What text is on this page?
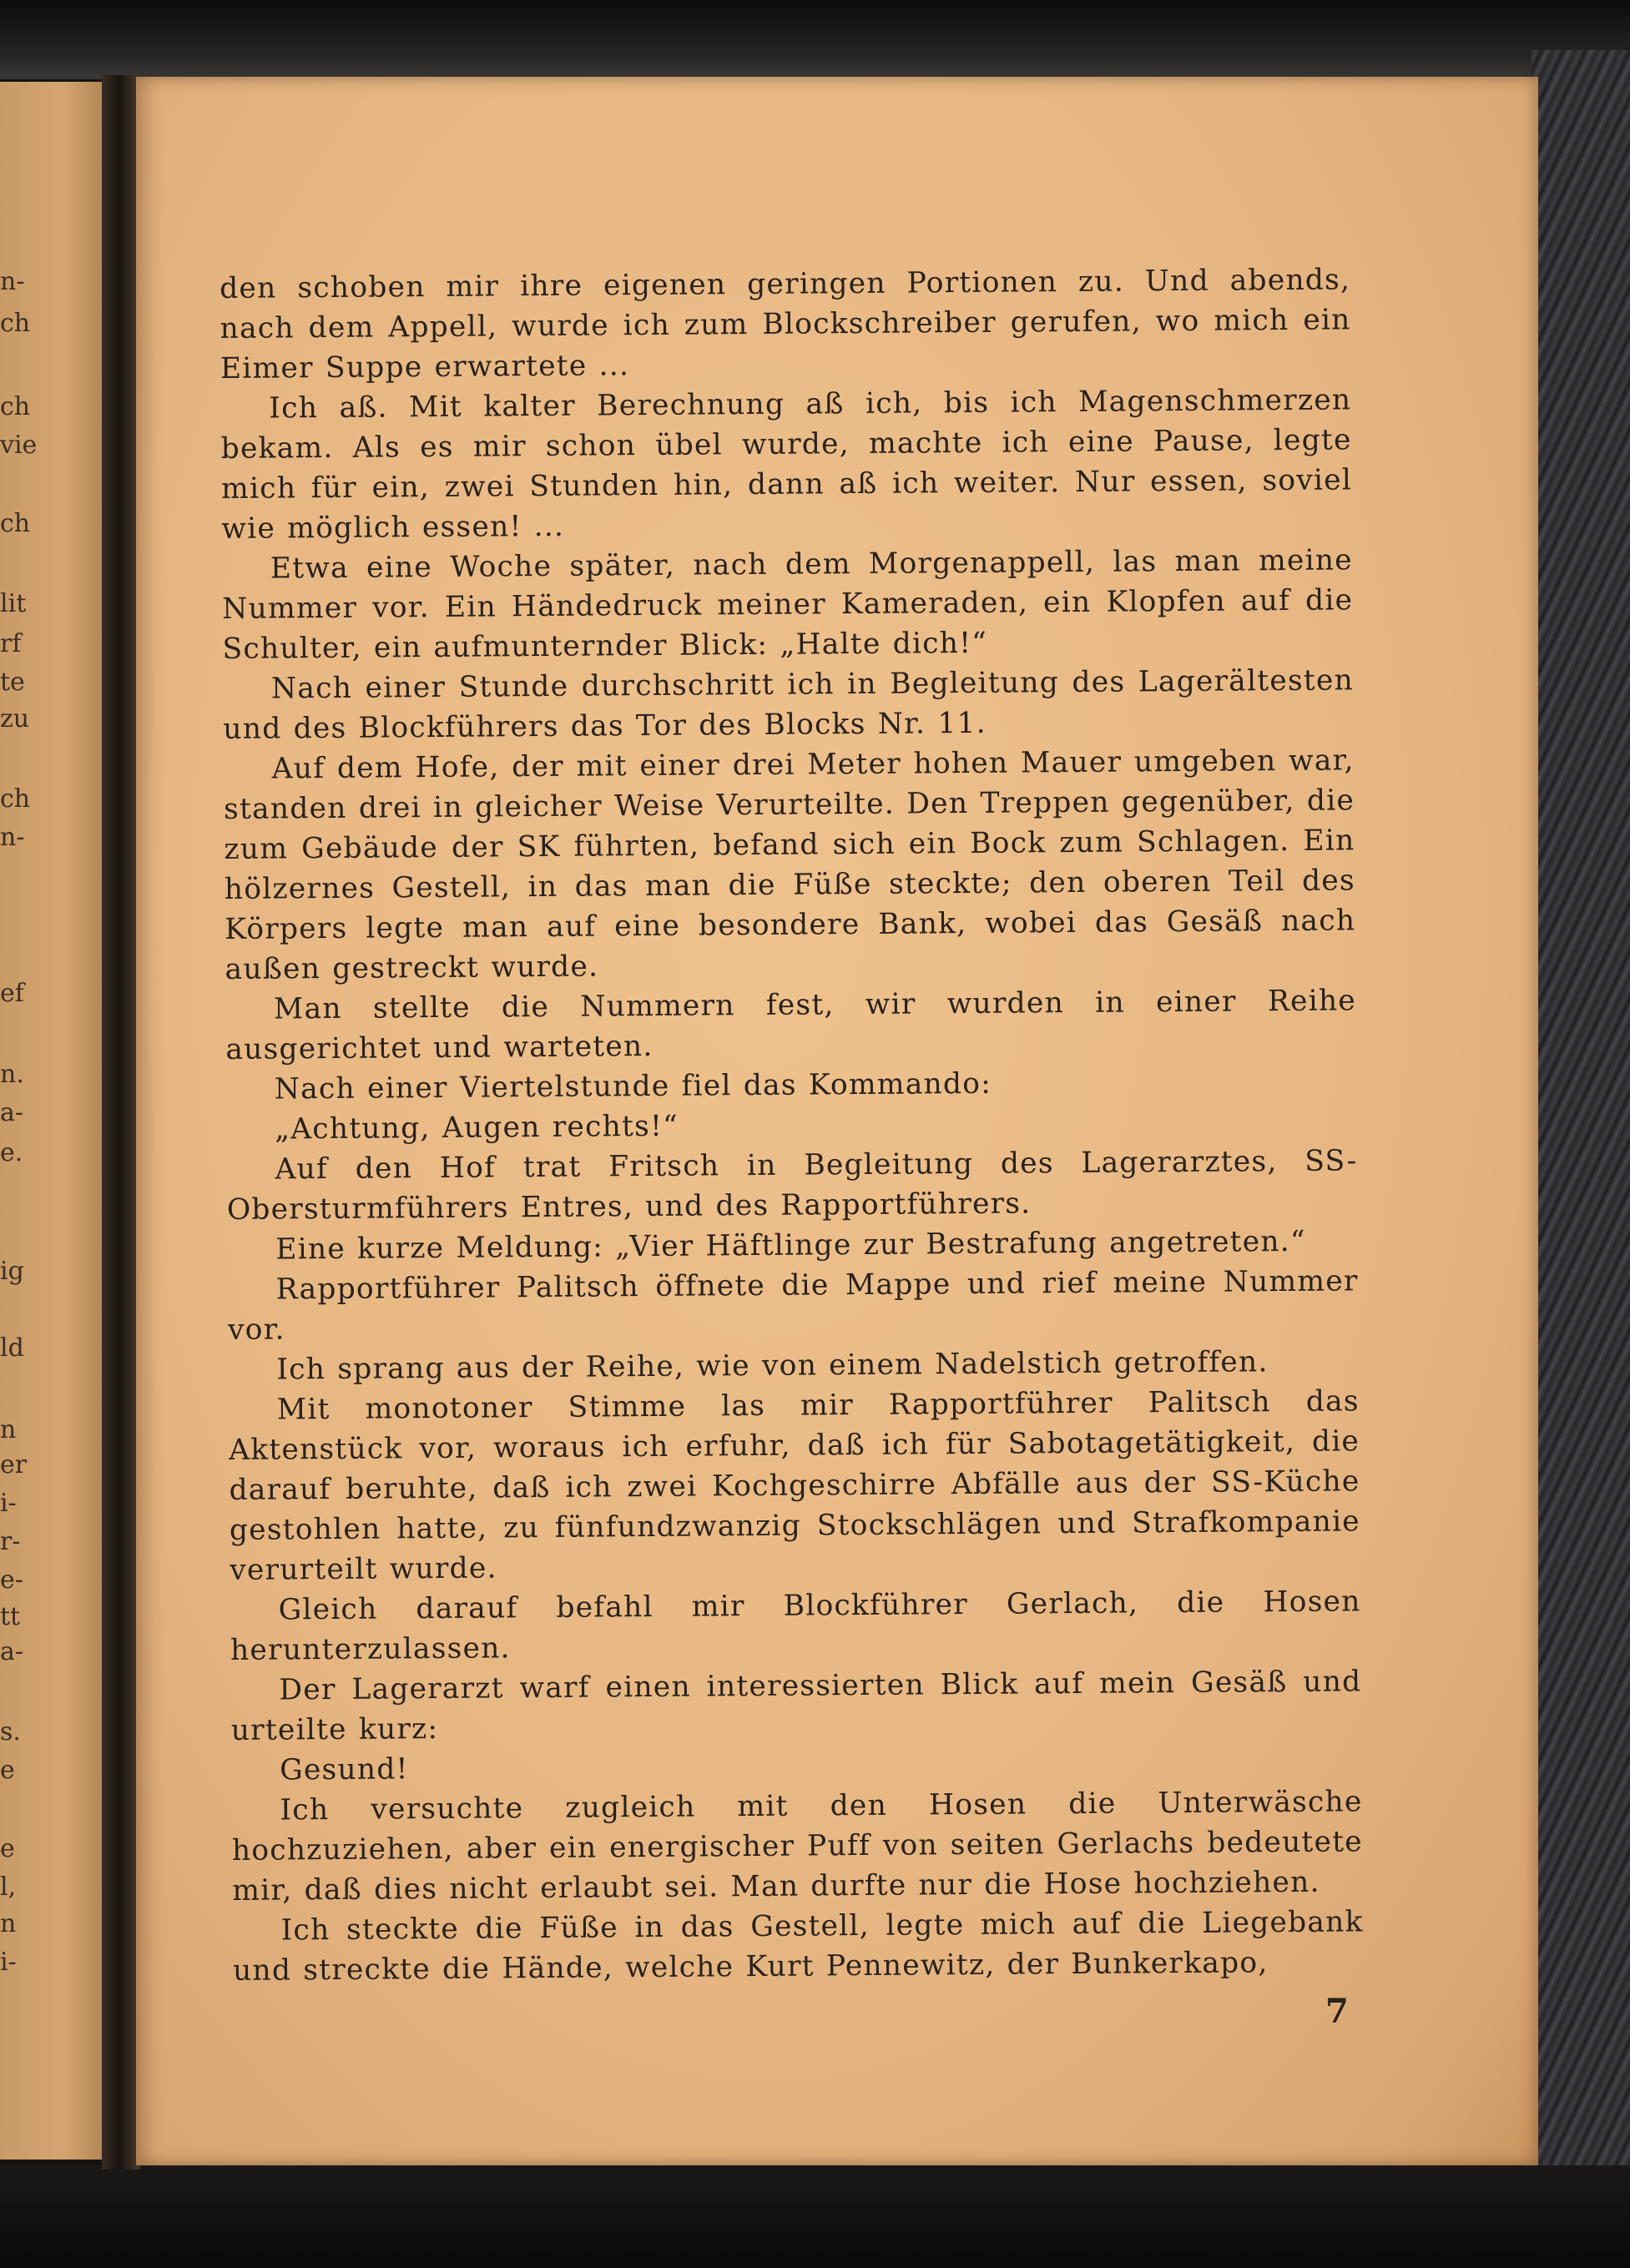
n-
ch
ch
vie
ch
lit
rf
te
zu
ch
n-
ef
n.
a-
e.
ig
ld
n
er
i-
r-
e-
tt
a-
s.
e
e
l,
n
i-

den schoben mir ihre eigenen geringen Portionen zu. Und abends, nach dem Appell, wurde ich zum Blockschreiber gerufen, wo mich ein Eimer Suppe erwartete ...

Ich aß. Mit kalter Berechnung aß ich, bis ich Magenschmerzen bekam. Als es mir schon übel wurde, machte ich eine Pause, legte mich für ein, zwei Stunden hin, dann aß ich weiter. Nur essen, soviel wie möglich essen! ...

Etwa eine Woche später, nach dem Morgenappell, las man meine Nummer vor. Ein Händedruck meiner Kameraden, ein Klopfen auf die Schulter, ein aufmunternder Blick: „Halte dich!“

Nach einer Stunde durchschritt ich in Begleitung des Lagerältesten und des Blockführers das Tor des Blocks Nr. 11.

Auf dem Hofe, der mit einer drei Meter hohen Mauer umgeben war, standen drei in gleicher Weise Verurteilte. Den Treppen gegenüber, die zum Gebäude der SK führten, befand sich ein Bock zum Schlagen. Ein hölzernes Gestell, in das man die Füße steckte; den oberen Teil des Körpers legte man auf eine besondere Bank, wobei das Gesäß nach außen gestreckt wurde.

Man stellte die Nummern fest, wir wurden in einer Reihe ausgerichtet und warteten.

Nach einer Viertelstunde fiel das Kommando:

„Achtung, Augen rechts!“

Auf den Hof trat Fritsch in Begleitung des Lagerarztes, SS-Obersturmführers Entres, und des Rapportführers.

Eine kurze Meldung: „Vier Häftlinge zur Bestrafung angetreten.“

Rapportführer Palitsch öffnete die Mappe und rief meine Nummer vor.

Ich sprang aus der Reihe, wie von einem Nadelstich getroffen.

Mit monotoner Stimme las mir Rapportführer Palitsch das Aktenstück vor, woraus ich erfuhr, daß ich für Sabotagetätigkeit, die darauf beruhte, daß ich zwei Kochgeschirre Abfälle aus der SS-Küche gestohlen hatte, zu fünfundzwanzig Stockschlägen und Strafkompanie verurteilt wurde.

Gleich darauf befahl mir Blockführer Gerlach, die Hosen herunterzulassen.

Der Lagerarzt warf einen interessierten Blick auf mein Gesäß und urteilte kurz:

Gesund!

Ich versuchte zugleich mit den Hosen die Unterwäsche hochzuziehen, aber ein energischer Puff von seiten Gerlachs bedeutete mir, daß dies nicht erlaubt sei. Man durfte nur die Hose hochziehen.

Ich steckte die Füße in das Gestell, legte mich auf die Liegebank und streckte die Hände, welche Kurt Pennewitz, der Bunkerkapo,

7
